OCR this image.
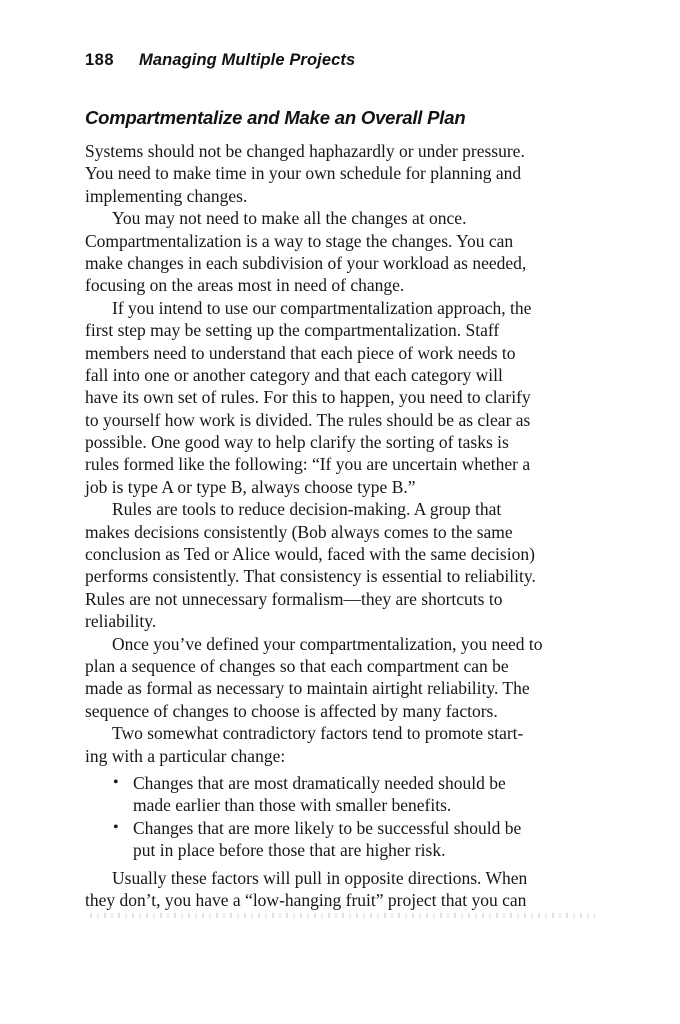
188 Managing Multiple Projects
Compartmentalize and Make an Overall Plan
Systems should not be changed haphazardly or under pressure.
You need to make time in your own schedule for planning and
implementing changes.
You may not need to make all the changes at once.
Compartmentalization is a way to stage the changes. You can
make changes in each subdivision of your workload as needed,
focusing on the areas most in need of change.
If you intend to use our compartmentalization approach, the
first step may be setting up the compartmentalization. Staff
members need to understand that each piece of work needs to
fall into one or another category and that each category will
have its own set of rules. For this to happen, you need to clarify
to yourself how work is divided. The rules should be as clear as
possible. One good way to help clarify the sorting of tasks is
rules formed like the following: “If you are uncertain whether a
job is type A or type B, always choose type B.”
Rules are tools to reduce decision-making. A group that
makes decisions consistently (Bob always comes to the same
conclusion as Ted or Alice would, faced with the same decision)
performs consistently. That consistency is essential to reliability.
Rules are not unnecessary formalism—they are shortcuts to
reliability.
Once you’ve defined your compartmentalization, you need to
plan a sequence of changes so that each compartment can be
made as formal as necessary to maintain airtight reliability. The
sequence of changes to choose is affected by many factors.
Two somewhat contradictory factors tend to promote start-
ing with a particular change:
• Changes that are most dramatically needed should be
made earlier than those with smaller benefits.
• Changes that are more likely to be successful should be
put in place before those that are higher risk.
Usually these factors will pull in opposite directions. When
they don’t, you have a “low-hanging fruit” project that you can
